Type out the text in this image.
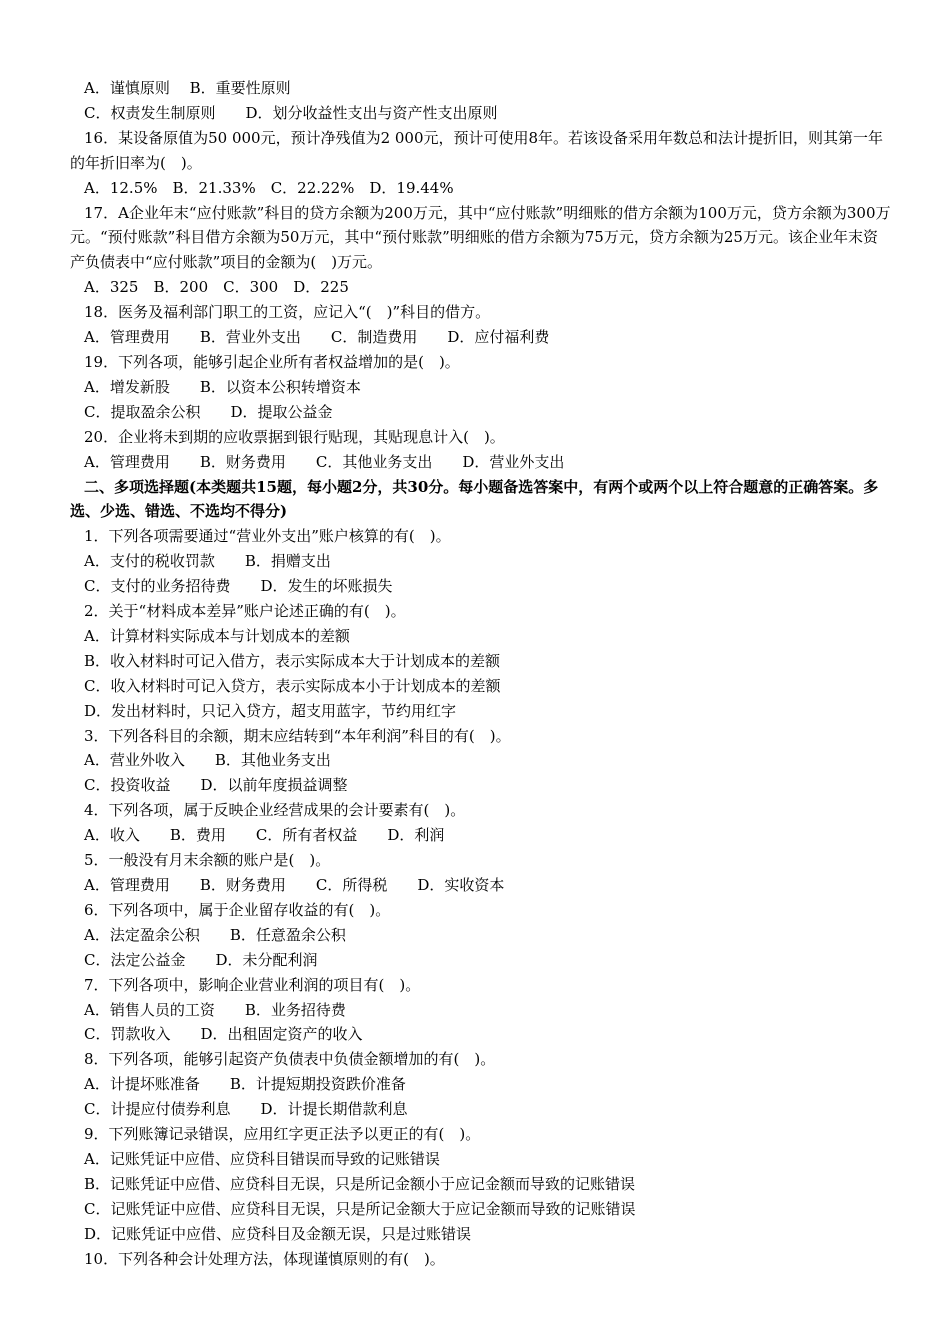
A．谨慎原则　 B．重要性原则
C．权责发生制原则　　D．划分收益性支出与资产性支出原则
16．某设备原值为50 000元，预计净残值为2 000元，预计可使用8年。若该设备采用年数总和法计提折旧，则其第一年的年折旧率为(　)。
A．12.5%　B．21.33%　C．22.22%　D．19.44%
17．A企业年末“应付账款”科目的贷方余额为200万元，其中“应付账款”明细账的借方余额为100万元，贷方余额为300万元。“预付账款”科目借方余额为50万元，其中“预付账款”明细账的借方余额为75万元，贷方余额为25万元。该企业年末资产负债表中“应付账款”项目的金额为(　)万元。
A．325　B．200　C．300　D．225
18．医务及福利部门职工的工资，应记入“(　)”科目的借方。
A．管理费用　　B．营业外支出　　C．制造费用　　D．应付福利费
19．下列各项，能够引起企业所有者权益增加的是(　)。
A．增发新股　　B．以资本公积转增资本
C．提取盈余公积　　D．提取公益金
20．企业将未到期的应收票据到银行贴现，其贴现息计入(　)。
A．管理费用　　B．财务费用　　C．其他业务支出　　D．营业外支出
二、多项选择题(本类题共15题，每小题2分，共30分。每小题备选答案中，有两个或两个以上符合题意的正确答案。多选、少选、错选、不选均不得分)
1．下列各项需要通过“营业外支出”账户核算的有(　)。
A．支付的税收罚款　　B．捐赠支出
C．支付的业务招待费　　D．发生的坏账损失
2．关于“材料成本差异”账户论述正确的有(　)。
A．计算材料实际成本与计划成本的差额
B．收入材料时可记入借方，表示实际成本大于计划成本的差额
C．收入材料时可记入贷方，表示实际成本小于计划成本的差额
D．发出材料时，只记入贷方，超支用蓝字，节约用红字
3．下列各科目的余额，期末应结转到“本年利润”科目的有(　)。
A．营业外收入　　B．其他业务支出
C．投资收益　　D．以前年度损益调整
4．下列各项，属于反映企业经营成果的会计要素有(　)。
A．收入　　B．费用　　C．所有者权益　　D．利润
5．一般没有月末余额的账户是(　)。
A．管理费用　　B．财务费用　　C．所得税　　D．实收资本
6．下列各项中，属于企业留存收益的有(　)。
A．法定盈余公积　　B．任意盈余公积
C．法定公益金　　D．未分配利润
7．下列各项中，影响企业营业利润的项目有(　)。
A．销售人员的工资　　B．业务招待费
C．罚款收入　　D．出租固定资产的收入
8．下列各项，能够引起资产负债表中负债金额增加的有(　)。
A．计提坏账准备　　B．计提短期投资跌价准备
C．计提应付债券利息　　D．计提长期借款利息
9．下列账簿记录错误，应用红字更正法予以更正的有(　)。
A．记账凭证中应借、应贷科目错误而导致的记账错误
B．记账凭证中应借、应贷科目无误，只是所记金额小于应记金额而导致的记账错误
C．记账凭证中应借、应贷科目无误，只是所记金额大于应记金额而导致的记账错误
D．记账凭证中应借、应贷科目及金额无误，只是过账错误
10．下列各种会计处理方法，体现谨慎原则的有(　)。
